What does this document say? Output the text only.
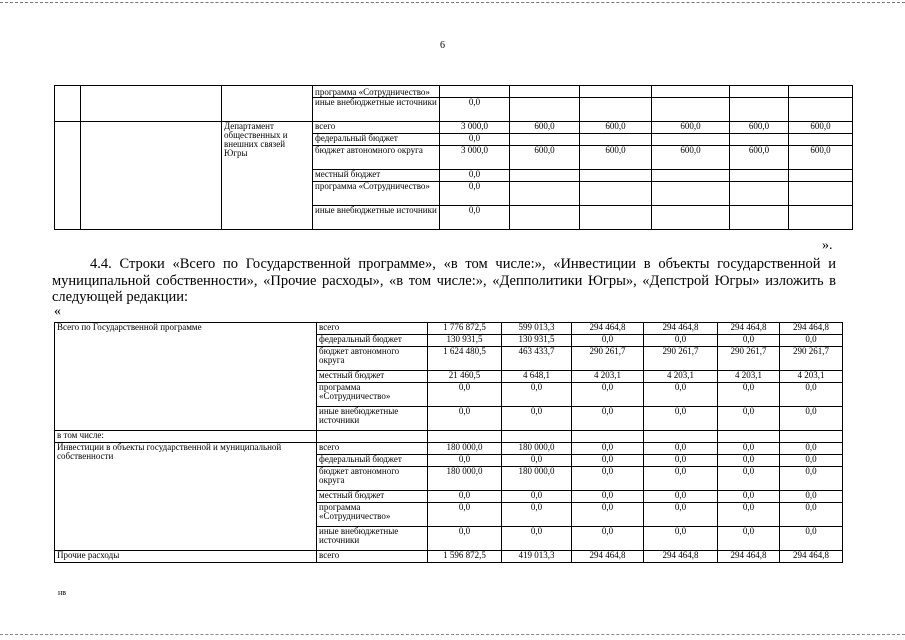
6
			программа «Сотрудничество»						
			иные внебюджетные источники	0,0					
		Департамент общественных и внешних связей Югры	всего	3 000,0	600,0	600,0	600,0	600,0	600,0
			федеральный бюджет	0,0					
			бюджет автономного округа	3 000,0	600,0	600,0	600,0	600,0	600,0
			местный бюджет	0,0					
			программа «Сотрудничество»	0,0					
			иные внебюджетные источники	0,0					
».
4.4. Строки «Всего по Государственной программе», «в том числе:», «Инвестиции в объекты государственной и муниципальной собственности», «Прочие расходы», «в том числе:», «Депполитики Югры», «Депстрой Югры» изложить в следующей редакции:
«
Всего по Государственной программе	всего	1 776 872,5	599 013,3	294 464,8	294 464,8	294 464,8	294 464,8
	федеральный бюджет	130 931,5	130 931,5	0,0	0,0	0,0	0,0
	бюджет автономного округа	1 624 480,5	463 433,7	290 261,7	290 261,7	290 261,7	290 261,7
	местный бюджет	21 460,5	4 648,1	4 203,1	4 203,1	4 203,1	4 203,1
	программа «Сотрудничество»	0,0	0,0	0,0	0,0	0,0	0,0
	иные внебюджетные источники	0,0	0,0	0,0	0,0	0,0	0,0
в том числе:							
Инвестиции в объекты государственной и муниципальной собственности	всего	180 000,0	180 000,0	0,0	0,0	0,0	0,0
	федеральный бюджет	0,0	0,0	0,0	0,0	0,0	0,0
	бюджет автономного округа	180 000,0	180 000,0	0,0	0,0	0,0	0,0
	местный бюджет	0,0	0,0	0,0	0,0	0,0	0,0
	программа «Сотрудничество»	0,0	0,0	0,0	0,0	0,0	0,0
	иные внебюджетные источники	0,0	0,0	0,0	0,0	0,0	0,0
Прочие расходы	всего	1 596 872,5	419 013,3	294 464,8	294 464,8	294 464,8	294 464,8
нв
